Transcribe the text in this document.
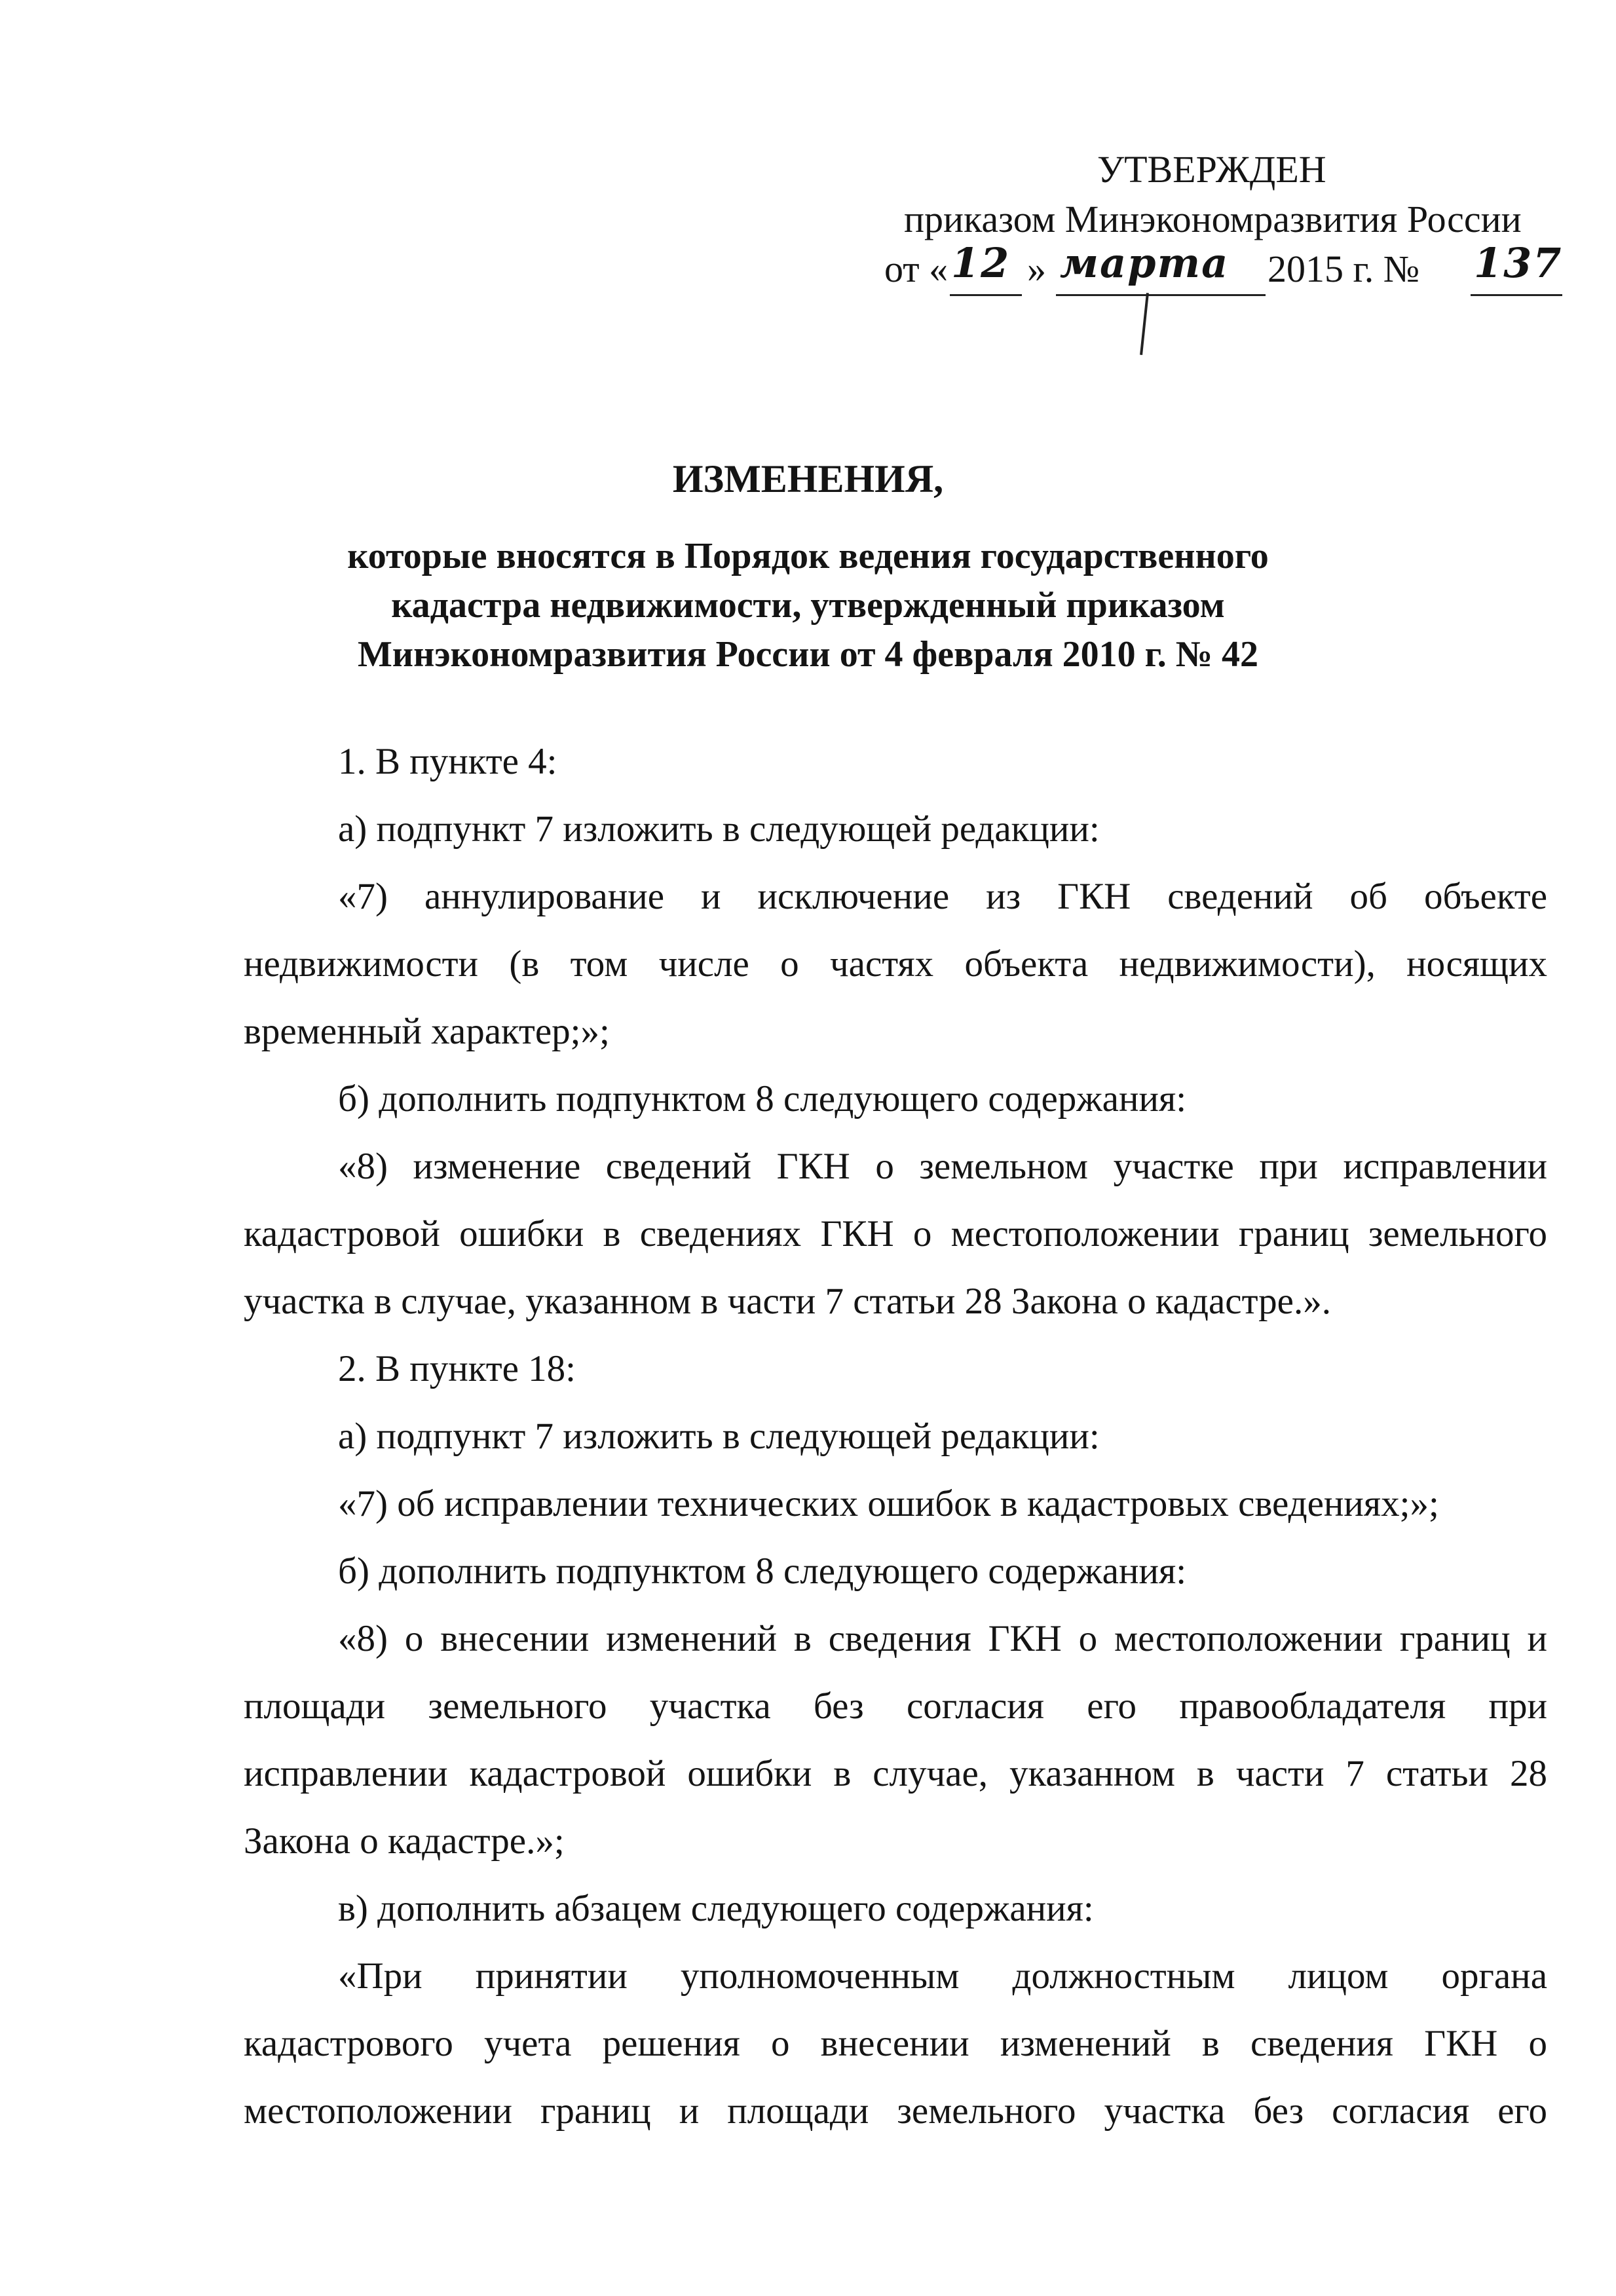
УТВЕРЖДЕН
приказом Минэкономразвития России
от « 12 » марта 2015 г. № 137
ИЗМЕНЕНИЯ,
которые вносятся в Порядок ведения государственного
кадастра недвижимости, утвержденный приказом
Минэкономразвития России от 4 февраля 2010 г. № 42
1. В пункте 4:
а) подпункт 7 изложить в следующей редакции:
«7) аннулирование и исключение из ГКН сведений об объекте
недвижимости (в том числе о частях объекта недвижимости), носящих
временный характер;»;
б) дополнить подпунктом 8 следующего содержания:
«8) изменение сведений ГКН о земельном участке при исправлении
кадастровой ошибки в сведениях ГКН о местоположении границ земельного
участка в случае, указанном в части 7 статьи 28 Закона о кадастре.».
2. В пункте 18:
а) подпункт 7 изложить в следующей редакции:
«7) об исправлении технических ошибок в кадастровых сведениях;»;
б) дополнить подпунктом 8 следующего содержания:
«8) о внесении изменений в сведения ГКН о местоположении границ и
площади земельного участка без согласия его правообладателя при
исправлении кадастровой ошибки в случае, указанном в части 7 статьи 28
Закона о кадастре.»;
в) дополнить абзацем следующего содержания:
«При принятии уполномоченным должностным лицом органа
кадастрового учета решения о внесении изменений в сведения ГКН о
местоположении границ и площади земельного участка без согласия его
